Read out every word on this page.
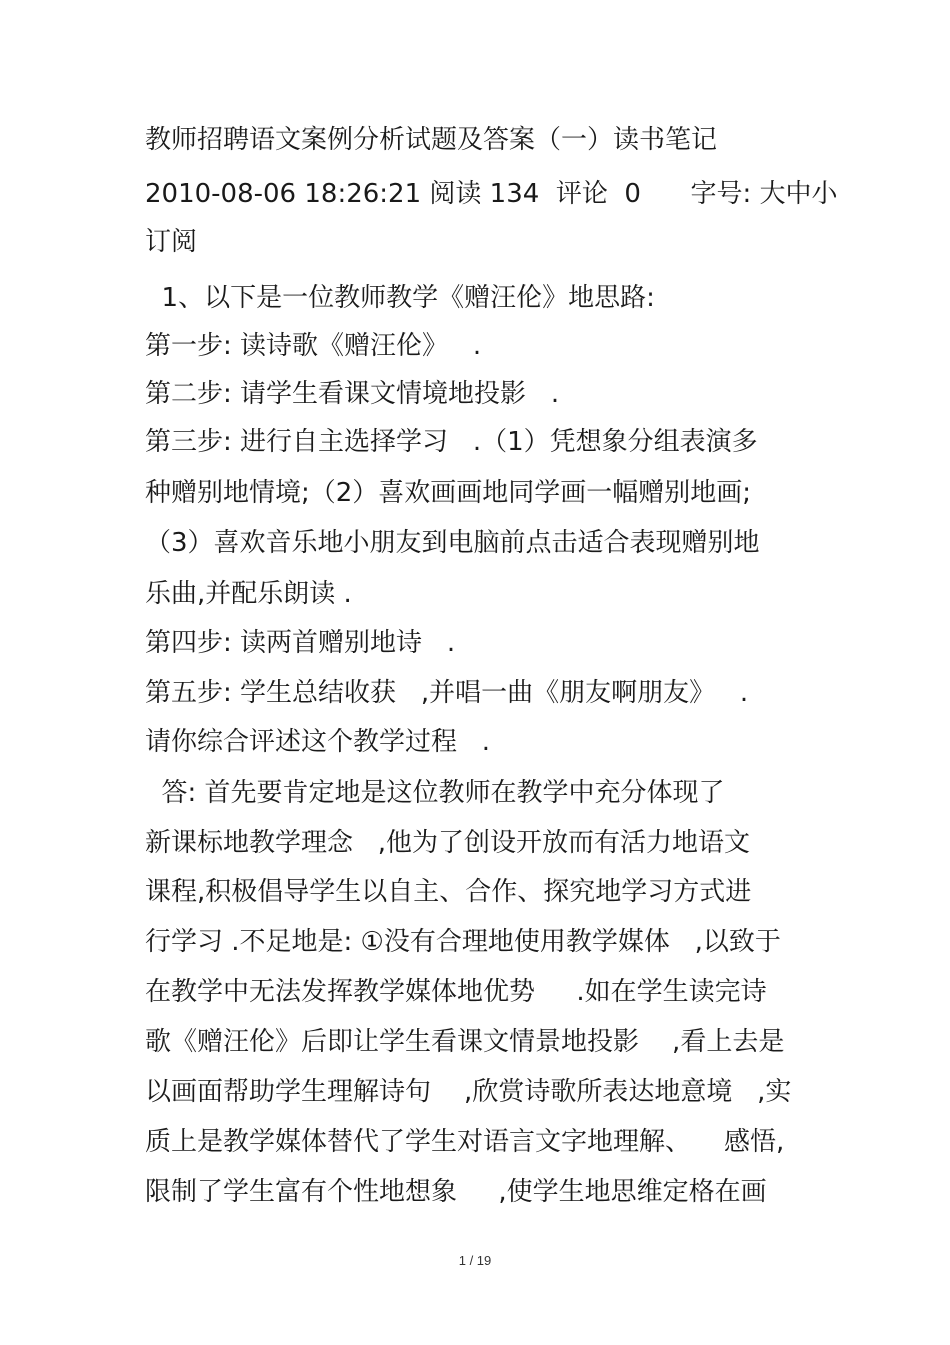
教师招聘语文案例分析试题及答案（一）读书笔记
2010-08-06 18:26:21 阅读 134  评论  0      字号: 大中小
订阅
1、以下是一位教师教学《赠汪伦》地思路:
第一步: 读诗歌《赠汪伦》   .
第二步: 请学生看课文情境地投影   .
第三步: 进行自主选择学习   .（1）凭想象分组表演多
种赠别地情境;（2）喜欢画画地同学画一幅赠别地画;
（3）喜欢音乐地小朋友到电脑前点击适合表现赠别地
乐曲,并配乐朗读 .
第四步: 读两首赠别地诗   .
第五步: 学生总结收获   ,并唱一曲《朋友啊朋友》   .
请你综合评述这个教学过程   .
答: 首先要肯定地是这位教师在教学中充分体现了
新课标地教学理念   ,他为了创设开放而有活力地语文
课程,积极倡导学生以自主、合作、探究地学习方式进
行学习 .不足地是: ①没有合理地使用教学媒体   ,以致于
在教学中无法发挥教学媒体地优势     .如在学生读完诗
歌《赠汪伦》后即让学生看课文情景地投影    ,看上去是
以画面帮助学生理解诗句    ,欣赏诗歌所表达地意境   ,实
质上是教学媒体替代了学生对语言文字地理解、    感悟,
限制了学生富有个性地想象     ,使学生地思维定格在画
1 / 19
